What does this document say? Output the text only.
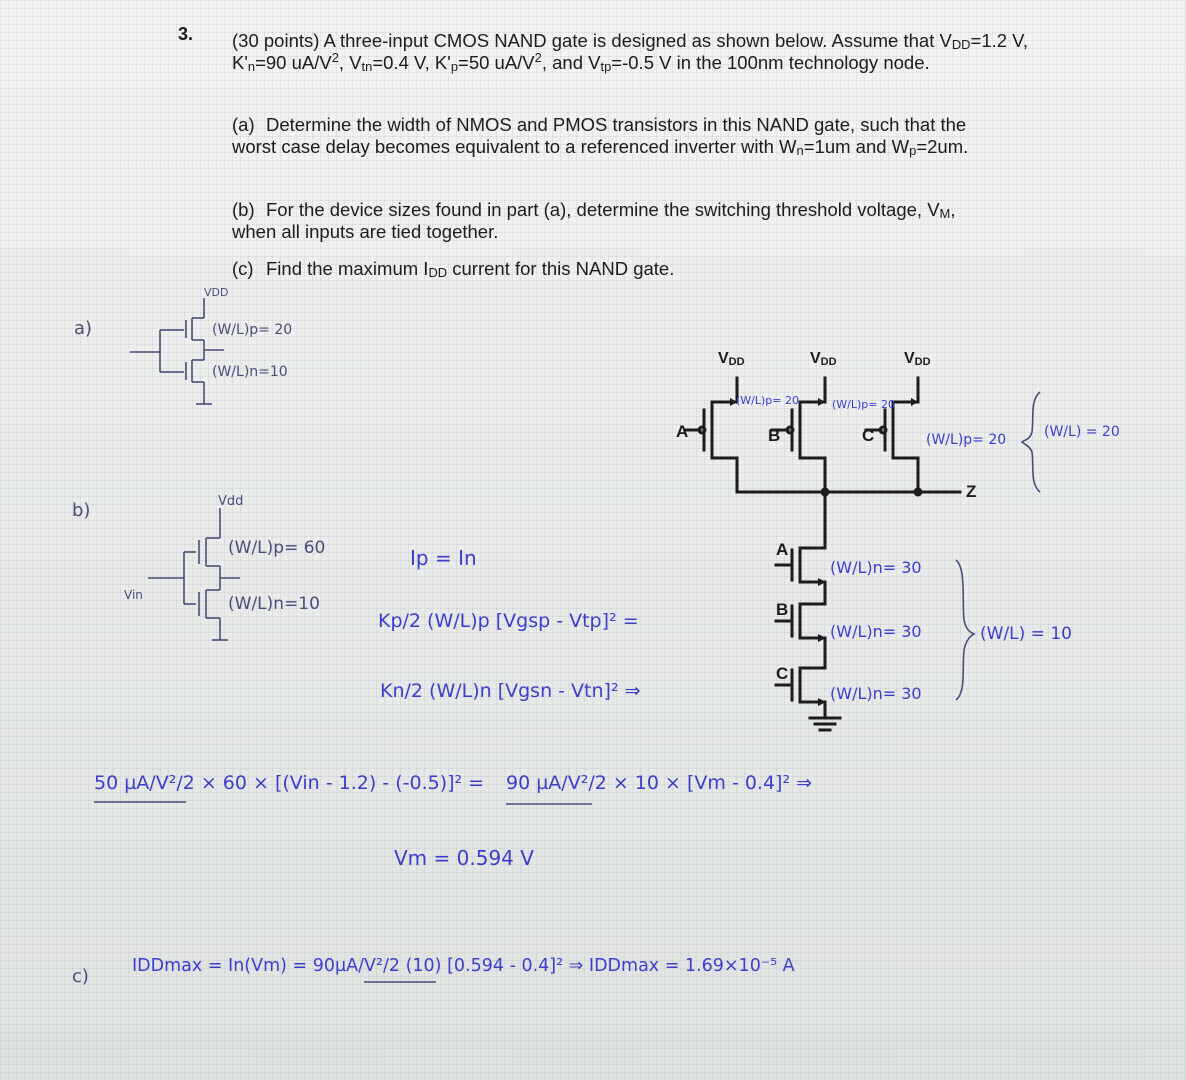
3. (30 points) A three-input CMOS NAND gate is designed as shown below. Assume that $V_{DD}=1.2$ V, $K'_n=90$ $uA/V^2$, $V_{tn}=0.4$ V, $K'_p=50$ $uA/V^2$, and $V_{tp}=-0.5$ V in the 100nm technology node.
(a) Determine the width of NMOS and PMOS transistors in this NAND gate, such that the worst case delay becomes equivalent to a referenced inverter with $W_n=1um$ and $W_p=2um$.
(b) For the device sizes found in part (a), determine the switching threshold voltage, $V_M$, when all inputs are tied together.
(c) Find the maximum $I_{DD}$ current for this NAND gate.
$V_{DD}$	$V_{DD}$	$V_{DD}$
A	B	C
A
B
C
Z
(W/L)p= 20	(W/L)p= 20
(W/L)p= 20	(W/L) = 20
(W/L)n= 30
(W/L)n= 30
(W/L)n= 30
(W/L) = 10
a)
VDD
(W/L)p= 20
(W/L)n=10
b)	Vdd
(W/L)p= 60
(W/L)n=10
Vin
Ip = In
Kp/2 (W/L)p [Vgsp - Vtp]² =
Kn/2 (W/L)n [Vgsn - Vtn]² ⇒
50 µA/V²/2 × 60 × [(Vin - 1.2) - (-0.5)]² = 90 µA/V²/2 × 10 × [Vm - 0.4]² ⇒
Vm = 0.594 V
c) IDDmax = In(Vm) = 90µA/V²/2 (10) [0.594 - 0.4]² ⇒ IDDmax = 1.69×10⁻⁵ A
